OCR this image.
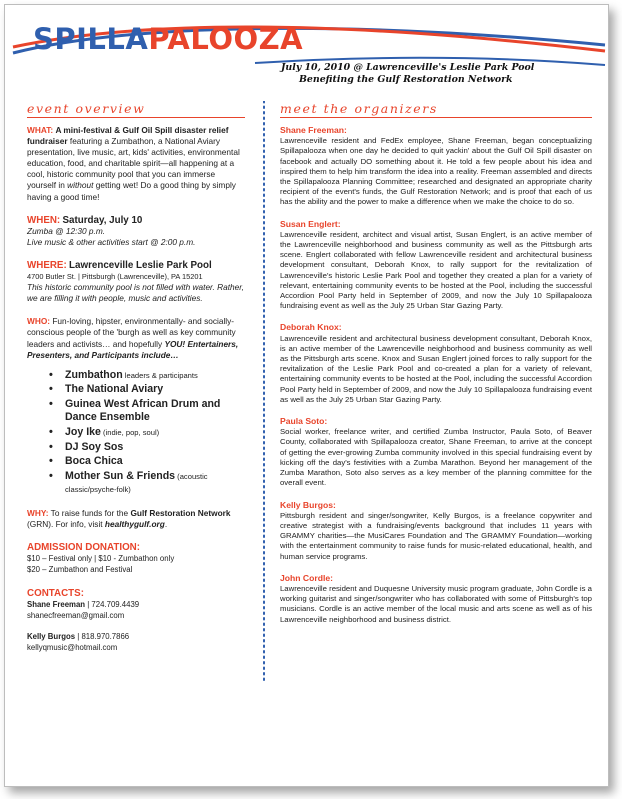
SPILLAPALOOZA
July 10, 2010 @ Lawrenceville's Leslie Park Pool
Benefiting the Gulf Restoration Network
event overview
WHAT: A mini-festival & Gulf Oil Spill disaster relief fundraiser featuring a Zumbathon, a National Aviary presentation, live music, art, kids' activities, environmental education, food, and charitable spirit—all happening at a cool, historic community pool that you can immerse yourself in without getting wet! Do a good thing by simply having a good time!
WHEN: Saturday, July 10
Zumba @ 12:30 p.m.
Live music & other activities start @ 2:00 p.m.
WHERE: Lawrenceville Leslie Park Pool
4700 Butler St. | Pittsburgh (Lawrenceville), PA 15201
This historic community pool is not filled with water. Rather, we are filling it with people, music and activities.
WHO: Fun-loving, hipster, environmentally- and socially-conscious people of the 'burgh as well as key community leaders and activists… and hopefully YOU! Entertainers, Presenters, and Participants include…
• Zumbathon leaders & participants
• The National Aviary
• Guinea West African Drum and Dance Ensemble
• Joy Ike (indie, pop, soul)
• DJ Soy Sos
• Boca Chica
• Mother Sun & Friends (acoustic classic/psyche-folk)
WHY: To raise funds for the Gulf Restoration Network (GRN). For info, visit healthygulf.org.
ADMISSION DONATION:
$10 – Festival only | $10 - Zumbathon only
$20 – Zumbathon and Festival
CONTACTS:
Shane Freeman | 724.709.4439
shanecfreeman@gmail.com
Kelly Burgos | 818.970.7866
kellyqmusic@hotmail.com
meet the organizers
Shane Freeman:
Lawrenceville resident and FedEx employee, Shane Freeman, began conceptualizing Spillapalooza when one day he decided to quit yackin' about the Gulf Oil Spill disaster on facebook and actually DO something about it. He told a few people about his idea and inspired them to help him transform the idea into a reality. Freeman assembled and directs the Spillapalooza Planning Committee; researched and designated an appropriate charity recipient of the event's funds, the Gulf Restoration Network; and is proof that each of us has the ability and the power to make a difference when we make the choice to do so.
Susan Englert:
Lawrenceville resident, architect and visual artist, Susan Englert, is an active member of the Lawrenceville neighborhood and business community as well as the Pittsburgh arts scene. Englert collaborated with fellow Lawrenceville resident and architectural business development consultant, Deborah Knox, to rally support for the revitalization of Lawrenceville's historic Leslie Park Pool and together they created a plan for a variety of relevant, entertaining community events to be hosted at the Pool, including the successful Accordion Pool Party held in September of 2009, and now the July 10 Spillapalooza fundraising event as well as the July 25 Urban Star Gazing Party.
Deborah Knox:
Lawrenceville resident and architectural business development consultant, Deborah Knox, is an active member of the Lawrenceville neighborhood and business community as well as the Pittsburgh arts scene. Knox and Susan Englert joined forces to rally support for the revitalization of the Leslie Park Pool and co-created a plan for a variety of relevant, entertaining community events to be hosted at the Pool, including the successful Accordion Pool Party held in September of 2009, and now the July 10 Spillapalooza fundraising event as well as the July 25 Urban Star Gazing Party.
Paula Soto:
Social worker, freelance writer, and certified Zumba Instructor, Paula Soto, of Beaver County, collaborated with Spillapalooza creator, Shane Freeman, to arrive at the concept of getting the ever-growing Zumba community involved in this special fundraising event by kicking off the day's festivities with a Zumba Marathon. Beyond her management of the Zumba Marathon, Soto also serves as a key member of the planning committee for the overall event.
Kelly Burgos:
Pittsburgh resident and singer/songwriter, Kelly Burgos, is a freelance copywriter and creative strategist with a fundraising/events background that includes 11 years with GRAMMY charities—the MusiCares Foundation and The GRAMMY Foundation—working with the entertainment community to raise funds for music-related educational, health, and human service programs.
John Cordle:
Lawrenceville resident and Duquesne University music program graduate, John Cordle is a working guitarist and singer/songwriter who has collaborated with some of Pittsburgh's top musicians. Cordle is an active member of the local music and arts scene as well as of his Lawrenceville neighborhood and business district.
